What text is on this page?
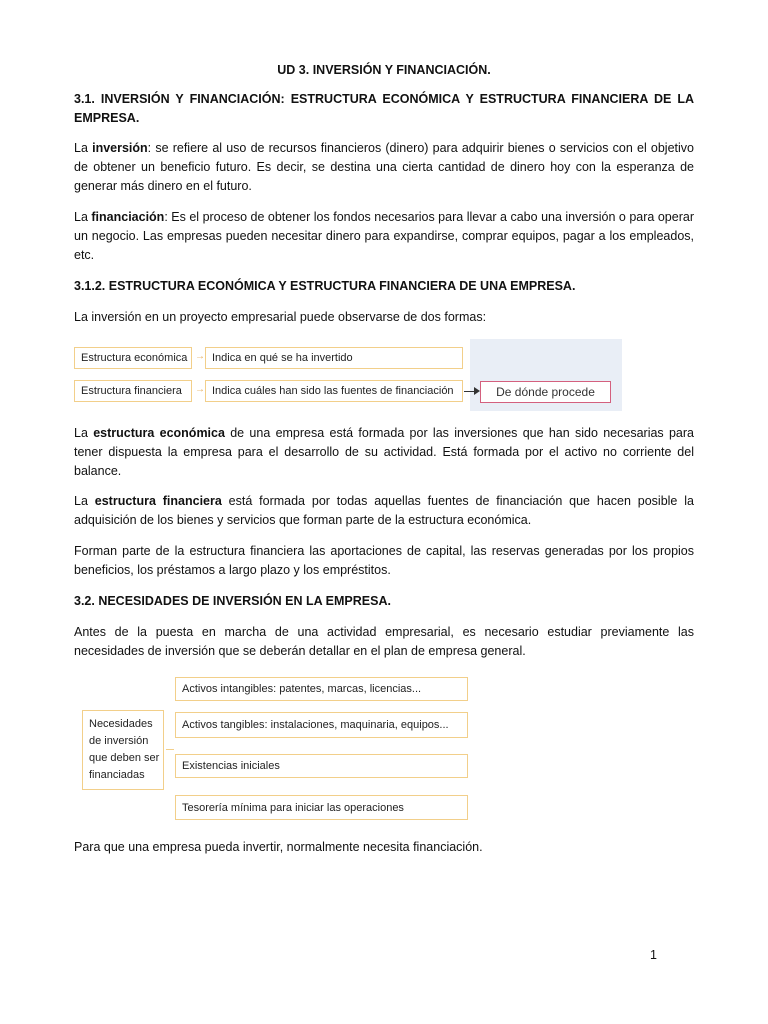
UD 3. INVERSIÓN Y FINANCIACIÓN.

3.1. INVERSIÓN Y FINANCIACIÓN: ESTRUCTURA ECONÓMICA Y ESTRUCTURA FINANCIERA DE LA EMPRESA.

La inversión: se refiere al uso de recursos financieros (dinero) para adquirir bienes o servicios con el objetivo de obtener un beneficio futuro. Es decir, se destina una cierta cantidad de dinero hoy con la esperanza de generar más dinero en el futuro.

La financiación: Es el proceso de obtener los fondos necesarios para llevar a cabo una inversión o para operar un negocio. Las empresas pueden necesitar dinero para expandirse, comprar equipos, pagar a los empleados, etc.

3.1.2. ESTRUCTURA ECONÓMICA Y ESTRUCTURA FINANCIERA DE UNA EMPRESA.

La inversión en un proyecto empresarial puede observarse de dos formas:

Estructura económica → Indica en qué se ha invertido
Estructura financiera	→ Indica cuáles han sido las fuentes de financiación	De dónde procede

La estructura económica de una empresa está formada por las inversiones que han sido necesarias para tener dispuesta la empresa para el desarrollo de su actividad. Está formada por el activo no corriente del balance.

La estructura financiera está formada por todas aquellas fuentes de financiación que hacen posible la adquisición de los bienes y servicios que forman parte de la estructura económica.

Forman parte de la estructura financiera las aportaciones de capital, las reservas generadas por los propios beneficios, los préstamos a largo plazo y los empréstitos.

3.2. NECESIDADES DE INVERSIÓN EN LA EMPRESA.

Antes de la puesta en marcha de una actividad empresarial, es necesario estudiar previamente las necesidades de inversión que se deberán detallar en el plan de empresa general.

Necesidades
de inversión
que deben ser
financiadas
Activos intangibles: patentes, marcas, licencias...
Activos tangibles: instalaciones, maquinaria, equipos...
Existencias iniciales
Tesorería mínima para iniciar las operaciones

Para que una empresa pueda invertir, normalmente necesita financiación.

1
